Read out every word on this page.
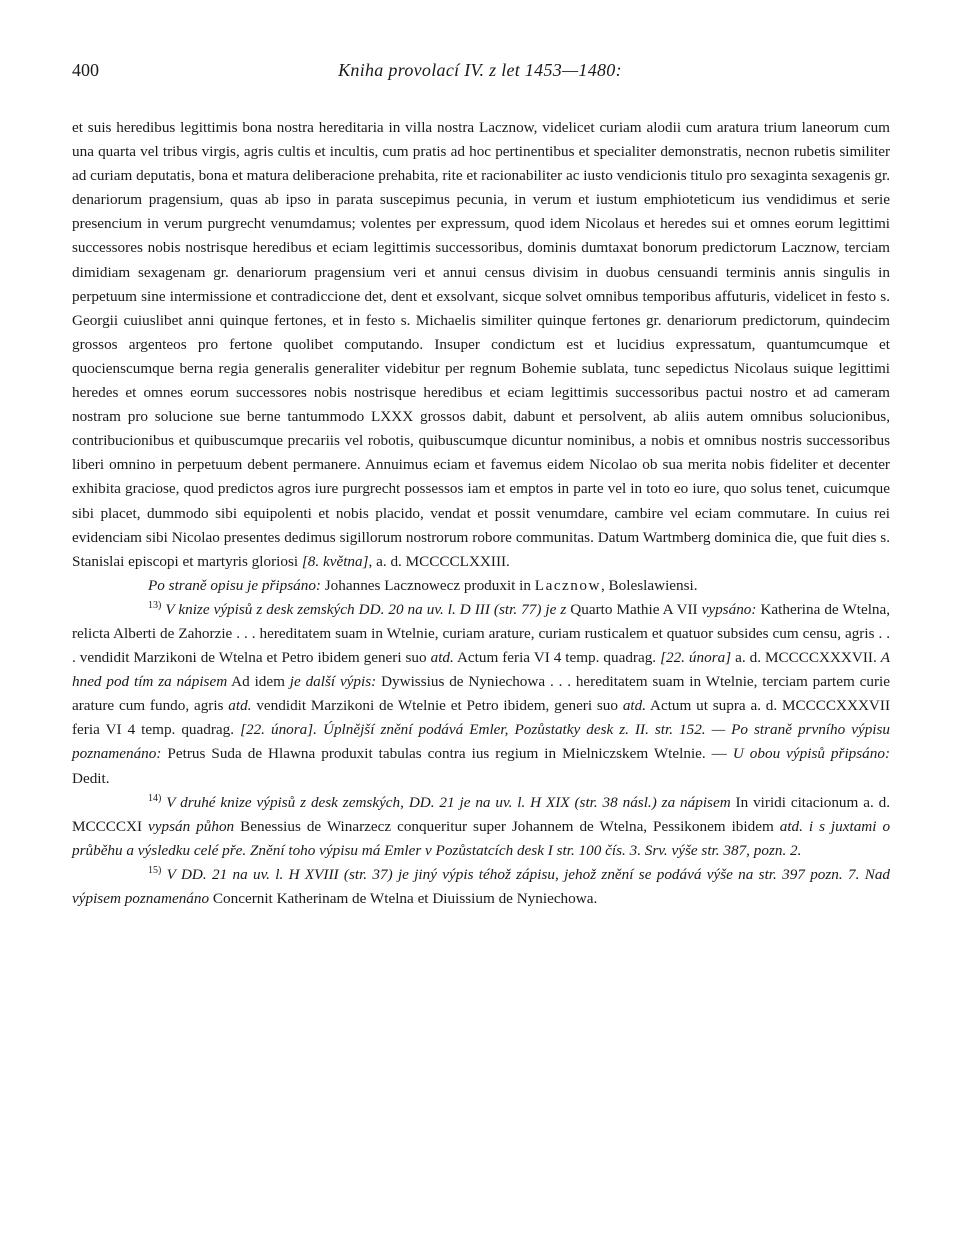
400	Kniha provolací IV. z let 1453—1480:

et suis heredibus legittimis bona nostra hereditaria in villa nostra Lacznow, videlicet curiam alodii cum aratura trium laneorum cum una quarta vel tribus virgis, agris cultis et incultis, cum pratis ad hoc pertinentibus et specialiter demonstratis, necnon rubetis similiter ad curiam deputatis, bona et matura deliberacione prehabita, rite et racionabiliter ac iusto vendicionis titulo pro sexaginta sexagenis gr. denariorum pragensium, quas ab ipso in parata suscepimus pecunia, in verum et iustum emphioteticum ius vendidimus et serie presencium in verum purgrecht venumdamus; volentes per expressum, quod idem Nicolaus et heredes sui et omnes eorum legittimi successores nobis nostrisque heredibus et eciam legittimis successoribus, dominis dumtaxat bonorum predictorum Lacznow, terciam dimidiam sexagenam gr. denariorum pragensium veri et annui census divisim in duobus censuandi terminis annis singulis in perpetuum sine intermissione et contradiccione det, dent et exsolvant, sicque solvet omnibus temporibus affuturis, videlicet in festo s. Georgii cuiuslibet anni quinque fertones, et in festo s. Michaelis similiter quinque fertones gr. denariorum predictorum, quindecim grossos argenteos pro fertone quolibet computando. Insuper condictum est et lucidius expressatum, quantumcumque et quocienscumque berna regia generalis generaliter videbitur per regnum Bohemie sublata, tunc sepedictus Nicolaus suique legittimi heredes et omnes eorum successores nobis nostrisque heredibus et eciam legittimis successoribus pactui nostro et ad cameram nostram pro solucione sue berne tantummodo LXXX grossos dabit, dabunt et persolvent, ab aliis autem omnibus solucionibus, contribucionibus et quibuscumque precariis vel robotis, quibuscumque dicuntur nominibus, a nobis et omnibus nostris successoribus liberi omnino in perpetuum debent permanere. Annuimus eciam et favemus eidem Nicolao ob sua merita nobis fideliter et decenter exhibita graciose, quod predictos agros iure purgrecht possessos iam et emptos in parte vel in toto eo iure, quo solus tenet, cuicumque sibi placet, dummodo sibi equipolenti et nobis placido, vendat et possit venumdare, cambire vel eciam commutare. In cuius rei evidenciam sibi Nicolao presentes dedimus sigillorum nostrorum robore communitas. Datum Wartmberg dominica die, que fuit dies s. Stanislai episcopi et martyris gloriosi [8. května], a. d. MCCCCLXXIII.

Po straně opisu je připsáno: Johannes Lacznowecz produxit in Lacznow, Boleslawiensi.

$^{13)}$ V knize výpisů z desk zemských DD. 20 na uv. l. D III (str. 77) je z Quarto Mathie A VII vypsáno: Katherina de Wtelna, relicta Alberti de Zahorzie . . . hereditatem suam in Wtelnie, curiam arature, curiam rusticalem et quatuor subsides cum censu, agris . . . vendidit Marzikoni de Wtelna et Petro ibidem generi suo atd. Actum feria VI 4 temp. quadrag. [22. února] a. d. MCCCCXXXVII. A hned pod tím za nápisem Ad idem je další výpis: Dywissius de Nyniechowa . . . hereditatem suam in Wtelnie, terciam partem curie arature cum fundo, agris atd. vendidit Marzikoni de Wtelnie et Petro ibidem, generi suo atd. Actum ut supra a. d. MCCCCXXXVII feria VI 4 temp. quadrag. [22. února]. Úplnější znění podává Emler, Pozůstatky desk z. II. str. 152. — Po straně prvního výpisu poznamenáno: Petrus Suda de Hlawna produxit tabulas contra ius regium in Mielniczskem Wtelnie. — U obou výpisů připsáno: Dedit.

$^{14)}$ V druhé knize výpisů z desk zemských, DD. 21 je na uv. l. H XIX (str. 38 násl.) za nápisem In viridi citacionum a. d. MCCCCXI vypsán půhon Benessius de Winarzecz conqueritur super Johannem de Wtelna, Pessikonem ibidem atd. i s juxtami o průběhu a výsledku celé pře. Znění toho výpisu má Emler v Pozůstatcích desk I str. 100 čís. 3. Srv. výše str. 387, pozn. 2.

$^{15)}$ V DD. 21 na uv. l. H XVIII (str. 37) je jiný výpis téhož zápisu, jehož znění se podává výše na str. 397 pozn. 7. Nad výpisem poznamenáno Concernit Katherinam de Wtelna et Diuissium de Nyniechowa.
